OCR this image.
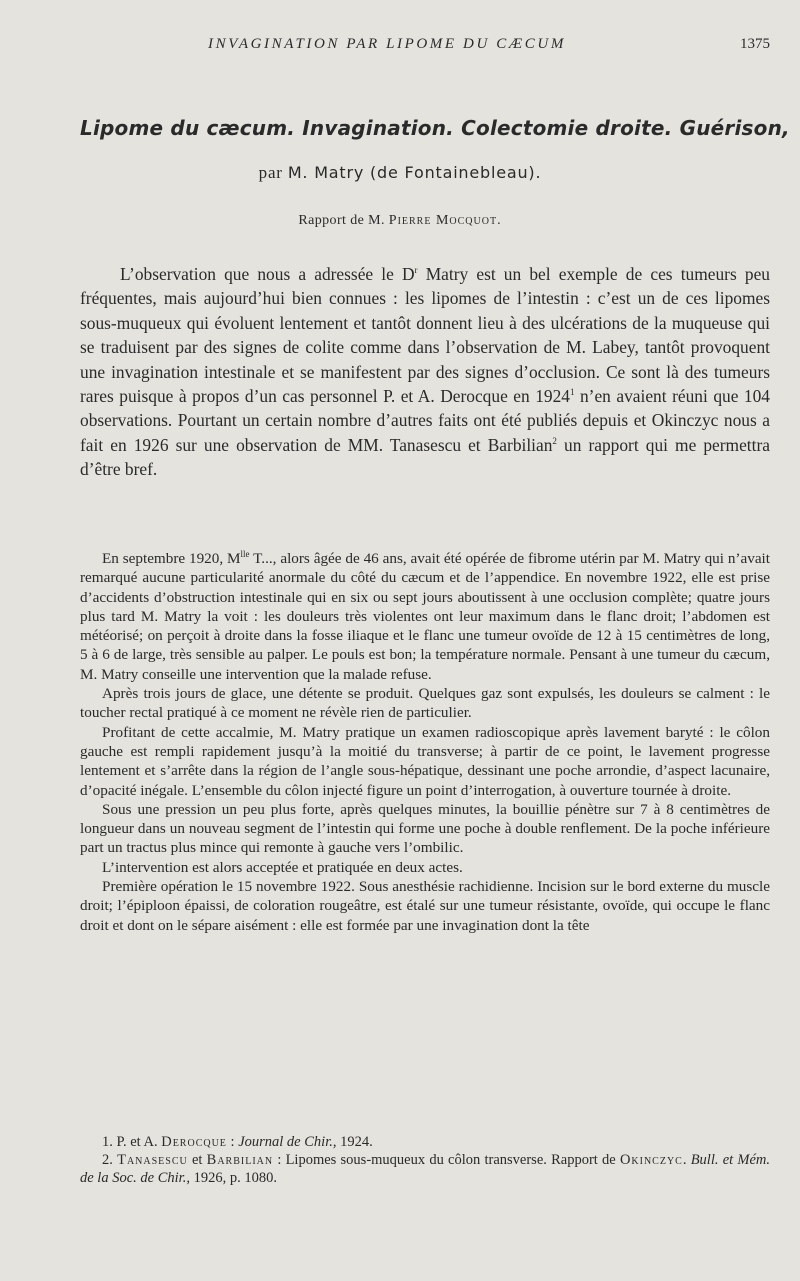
INVAGINATION PAR LIPOME DU CÆCUM	1375
Lipome du cæcum. Invagination. Colectomie droite. Guérison,
par M. Matry (de Fontainebleau).
Rapport de M. Pierre Mocquot.

L’observation que nous a adressée le $D^r$ Matry est un bel exemple de ces tumeurs peu fréquentes, mais aujourd’hui bien connues : les lipomes de l’intestin : c’est un de ces lipomes sous-muqueux qui évoluent lentement et tantôt donnent lieu à des ulcérations de la muqueuse qui se traduisent par des signes de colite comme dans l’observation de M. Labey, tantôt provoquent une invagination intestinale et se manifestent par des signes d’occlusion. Ce sont là des tumeurs rares puisque à propos d’un cas personnel P. et A. Derocque en 1924$^1$ n’en avaient réuni que 104 observations. Pourtant un certain nombre d’autres faits ont été publiés depuis et Okinczyc nous a fait en 1926 sur une observation de MM. Tanasescu et Barbilian$^2$ un rapport qui me permettra d’être bref.

En septembre 1920, $M^{lle}$ T..., alors âgée de 46 ans, avait été opérée de fibrome utérin par M. Matry qui n’avait remarqué aucune particularité anormale du côté du cæcum et de l’appendice. En novembre 1922, elle est prise d’accidents d’obstruction intestinale qui en six ou sept jours aboutissent à une occlusion complète; quatre jours plus tard M. Matry la voit : les douleurs très violentes ont leur maximum dans le flanc droit; l’abdomen est météorisé; on perçoit à droite dans la fosse iliaque et le flanc une tumeur ovoïde de 12 à 15 centimètres de long, 5 à 6 de large, très sensible au palper. Le pouls est bon; la température normale. Pensant à une tumeur du cæcum, M. Matry conseille une intervention que la malade refuse.

Après trois jours de glace, une détente se produit. Quelques gaz sont expulsés, les douleurs se calment : le toucher rectal pratiqué à ce moment ne révèle rien de particulier.

Profitant de cette accalmie, M. Matry pratique un examen radioscopique après lavement baryté : le côlon gauche est rempli rapidement jusqu’à la moitié du transverse; à partir de ce point, le lavement progresse lentement et s’arrête dans la région de l’angle sous-hépatique, dessinant une poche arrondie, d’aspect lacunaire, d’opacité inégale. L’ensemble du côlon injecté figure un point d’interrogation, à ouverture tournée à droite.

Sous une pression un peu plus forte, après quelques minutes, la bouillie pénètre sur 7 à 8 centimètres de longueur dans un nouveau segment de l’intestin qui forme une poche à double renflement. De la poche inférieure part un tractus plus mince qui remonte à gauche vers l’ombilic.

L’intervention est alors acceptée et pratiquée en deux actes.

Première opération le 15 novembre 1922. Sous anesthésie rachidienne. Incision sur le bord externe du muscle droit; l’épiploon épaissi, de coloration rougeâtre, est étalé sur une tumeur résistante, ovoïde, qui occupe le flanc droit et dont on le sépare aisément : elle est formée par une invagination dont la tête

1. P. et A. Derocque : Journal de Chir., 1924.

2. Tanasescu et Barbilian : Lipomes sous-muqueux du côlon transverse. Rapport de Okinczyc. Bull. et Mém. de la Soc. de Chir., 1926, p. 1080.
